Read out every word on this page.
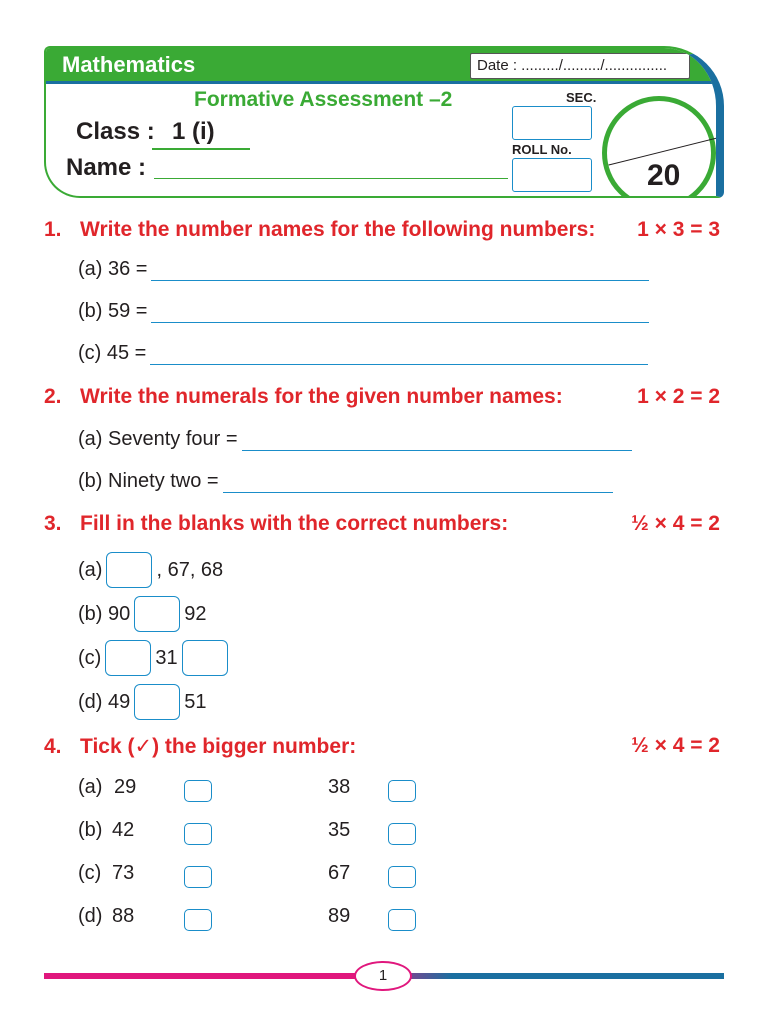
Mathematics	Date : ........./........./...............
Formative Assessment –2
Class : 1 (i)
Name :
SEC.
ROLL No.
20
1. Write the number names for the following numbers: 1 × 3 = 3
(a) 36 =
(b) 59 =
(c) 45 =
2. Write the numerals for the given number names:	1 × 2 = 2
(a) Seventy four =
(b) Ninety two =
3. Fill in the blanks with the correct numbers:	½ × 4 = 2
(a)	, 67, 68
(b) 90	92
(c)	31
(d) 49	51
4. Tick (✓) the bigger number:	½ × 4 = 2
(a) 29	38
(b) 42	35
(c) 73	67
(d) 88	89
1
